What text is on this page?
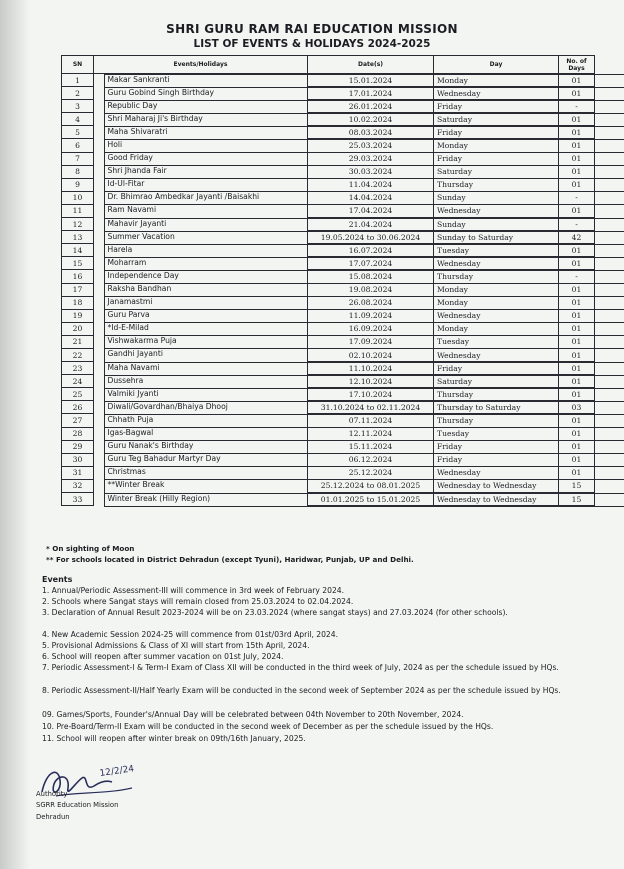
SHRI GURU RAM RAI EDUCATION MISSION
LIST OF EVENTS & HOLIDAYS 2024-2025
SN	Events/Holidays	Date(s)	Day	No. of Days
1		Makar Sankranti	15.01.2024	Monday	01
2		Guru Gobind Singh Birthday	17.01.2024	Wednesday	01
3		Republic Day	26.01.2024	Friday	-
4		Shri Maharaj Ji's Birthday	10.02.2024	Saturday	01
5		Maha Shivaratri	08.03.2024	Friday	01
6		Holi	25.03.2024	Monday	01
7		Good Friday	29.03.2024	Friday	01
8		Shri Jhanda Fair	30.03.2024	Saturday	01
9		Id-Ul-Fitar	11.04.2024	Thursday	01
10		Dr. Bhimrao Ambedkar Jayanti /Baisakhi	14.04.2024	Sunday	-
11		Ram Navami	17.04.2024	Wednesday	01
12		Mahavir Jayanti	21.04.2024	Sunday	-
13		Summer Vacation	19.05.2024 to 30.06.2024	Sunday to Saturday	42
14		Harela	16.07.2024	Tuesday	01
15		Moharram	17.07.2024	Wednesday	01
16		Independence Day	15.08.2024	Thursday	-
17		Raksha Bandhan	19.08.2024	Monday	01
18		Janamastmi	26.08.2024	Monday	01
19		Guru Parva	11.09.2024	Wednesday	01
20		*Id-E-Milad	16.09.2024	Monday	01
21		Vishwakarma Puja	17.09.2024	Tuesday	01
22		Gandhi Jayanti	02.10.2024	Wednesday	01
23		Maha Navami	11.10.2024	Friday	01
24		Dussehra	12.10.2024	Saturday	01
25		Valmiki Jyanti	17.10.2024	Thursday	01
26		Diwali/Govardhan/Bhaiya Dhooj	31.10.2024 to 02.11.2024	Thursday to Saturday	03
27		Chhath Puja	07.11.2024	Thursday	01
28		Igas-Bagwal	12.11.2024	Tuesday	01
29		Guru Nanak's Birthday	15.11.2024	Friday	01
30		Guru Teg Bahadur Martyr Day	06.12.2024	Friday	01
31		Christmas	25.12.2024	Wednesday	01
32		**Winter Break	25.12.2024 to 08.01.2025	Wednesday to Wednesday	15
33		Winter Break (Hilly Region)	01.01.2025 to 15.01.2025	Wednesday to Wednesday	15
* On sighting of Moon
** For schools located in District Dehradun (except Tyuni), Haridwar, Punjab, UP and Delhi.
Events
1. Annual/Periodic Assessment-III will commence in 3rd week of February 2024.
2. Schools where Sangat stays will remain closed from 25.03.2024 to 02.04.2024.
3. Declaration of Annual Result 2023-2024 will be on 23.03.2024 (where sangat stays) and 27.03.2024 (for other schools).
4. New Academic Session 2024-25 will commence from 01st/03rd April, 2024.
5. Provisional Admissions & Class of XI will start from 15th April, 2024.
6. School will reopen after summer vacation on 01st July, 2024.
7. Periodic Assessment-I & Term-I Exam of Class XII will be conducted in the third week of July, 2024 as per the schedule issued by HQs.
8. Periodic Assessment-II/Half Yearly Exam will be conducted in the second week of September 2024 as per the schedule issued by HQs.
09. Games/Sports, Founder's/Annual Day will be celebrated between 04th November to 20th November, 2024.
10. Pre-Board/Term-II Exam will be conducted in the second week of December as per the schedule issued by the HQs.
11. School will reopen after winter break on 09th/16th January, 2025.
12/2/24
Authority
SGRR Education Mission
Dehradun
